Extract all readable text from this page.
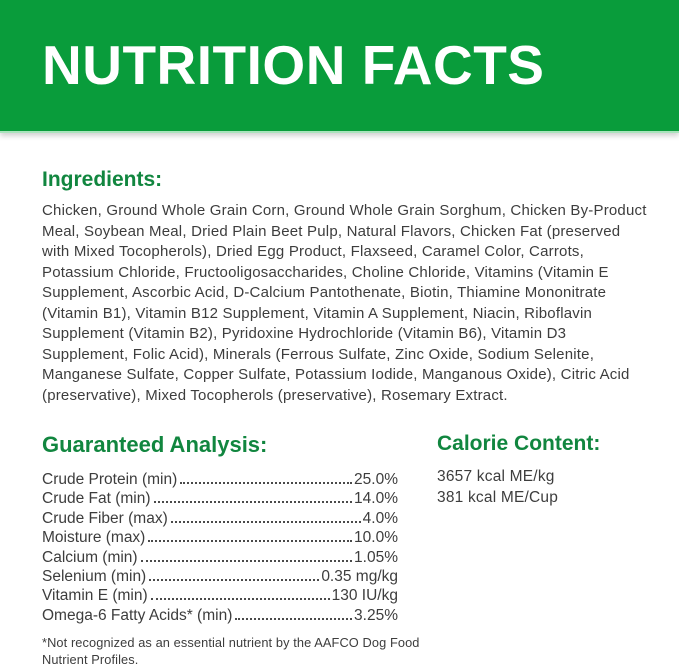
NUTRITION FACTS
Ingredients:

Chicken, Ground Whole Grain Corn, Ground Whole Grain Sorghum, Chicken By-Product Meal, Soybean Meal, Dried Plain Beet Pulp, Natural Flavors, Chicken Fat (preserved with Mixed Tocopherols), Dried Egg Product, Flaxseed, Caramel Color, Carrots, Potassium Chloride, Fructooligosaccharides, Choline Chloride, Vitamins (Vitamin E Supplement, Ascorbic Acid, D-Calcium Pantothenate, Biotin, Thiamine Mononitrate (Vitamin B1), Vitamin B12 Supplement, Vitamin A Supplement, Niacin, Riboflavin Supplement (Vitamin B2), Pyridoxine Hydrochloride (Vitamin B6), Vitamin D3 Supplement, Folic Acid), Minerals (Ferrous Sulfate, Zinc Oxide, Sodium Selenite, Manganese Sulfate, Copper Sulfate, Potassium Iodide, Manganous Oxide), Citric Acid (preservative), Mixed Tocopherols (preservative), Rosemary Extract.

Guaranteed Analysis:
Crude Protein (min)	25.0%
Crude Fat (min)	14.0%
Crude Fiber (max)	4.0%
Moisture (max)	10.0%
Calcium (min)	1.05%
Selenium (min)	0.35 mg/kg
Vitamin E (min)	130 IU/kg
Omega-6 Fatty Acids* (min)	3.25%

*Not recognized as an essential nutrient by the AAFCO Dog Food Nutrient Profiles.

Calorie Content:

3657 kcal ME/kg

381 kcal ME/Cup
